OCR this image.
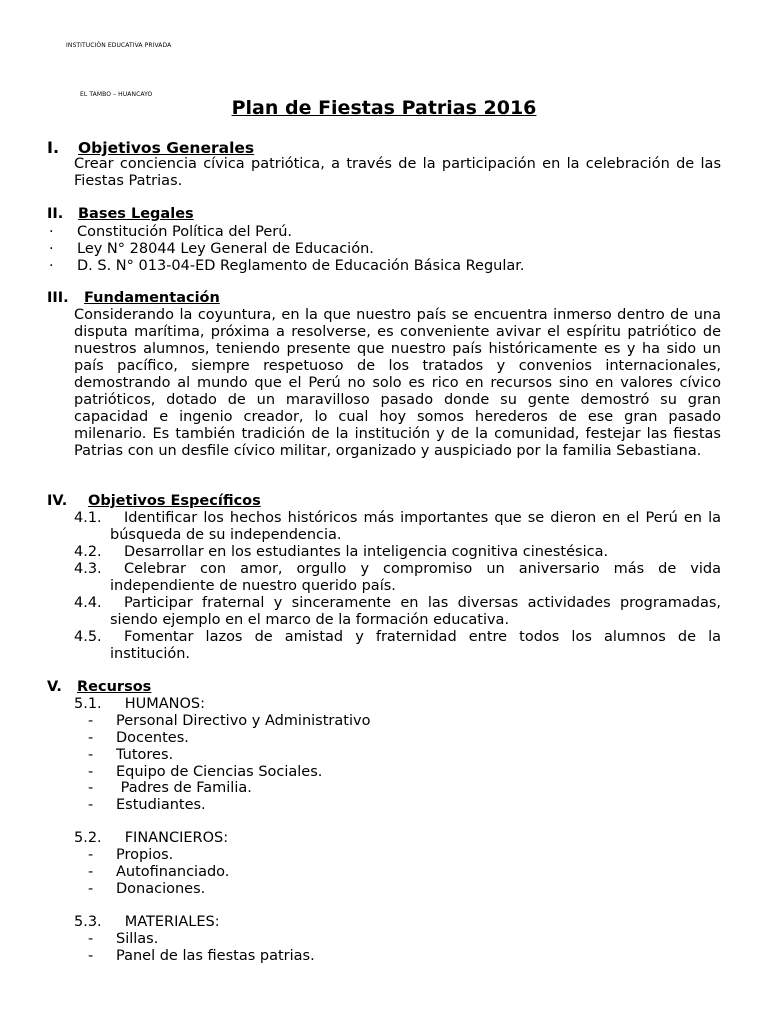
INSTITUCIÓN EDUCATIVA PRIVADA
EL TAMBO – HUANCAYO
Plan de Fiestas Patrias 2016
I. Objetivos Generales
Crear conciencia cívica patriótica, a través de la participación en la celebración de las Fiestas Patrias.
II. Bases Legales
· Constitución Política del Perú.
· Ley N° 28044 Ley General de Educación.
· D. S. N° 013-04-ED Reglamento de Educación Básica Regular.
III. Fundamentación
Considerando la coyuntura, en la que nuestro país se encuentra inmerso dentro de una disputa marítima, próxima a resolverse, es conveniente avivar el espíritu patriótico de nuestros alumnos, teniendo presente que nuestro país históricamente es y ha sido un país pacífico, siempre respetuoso de los tratados y convenios internacionales, demostrando al mundo que el Perú no solo es rico en recursos sino en valores cívico patrióticos, dotado de un maravilloso pasado donde su gente demostró su gran capacidad e ingenio creador, lo cual hoy somos herederos de ese gran pasado milenario. Es también tradición de la institución y de la comunidad, festejar las fiestas Patrias con un desfile cívico militar, organizado y auspiciado por la familia Sebastiana.
IV. Objetivos Específicos
4.1.	Identificar los hechos históricos más importantes que se dieron en el Perú en la búsqueda de su independencia.
4.2.	Desarrollar en los estudiantes la inteligencia cognitiva cinestésica.
4.3.	Celebrar con amor, orgullo y compromiso un aniversario más de vida independiente de nuestro querido país.
4.4.	Participar fraternal y sinceramente en las diversas actividades programadas, siendo ejemplo en el marco de la formación educativa.
4.5.	Fomentar lazos de amistad y fraternidad entre todos los alumnos de la institución.
V. Recursos
5.1.     HUMANOS:
- Personal Directivo y Administrativo
- Docentes.
- Tutores.
- Equipo de Ciencias Sociales.
- Padres de Familia.
- Estudiantes.
5.2.     FINANCIEROS:
- Propios.
- Autofinanciado.
- Donaciones.
5.3.     MATERIALES:
- Sillas.
- Panel de las fiestas patrias.
